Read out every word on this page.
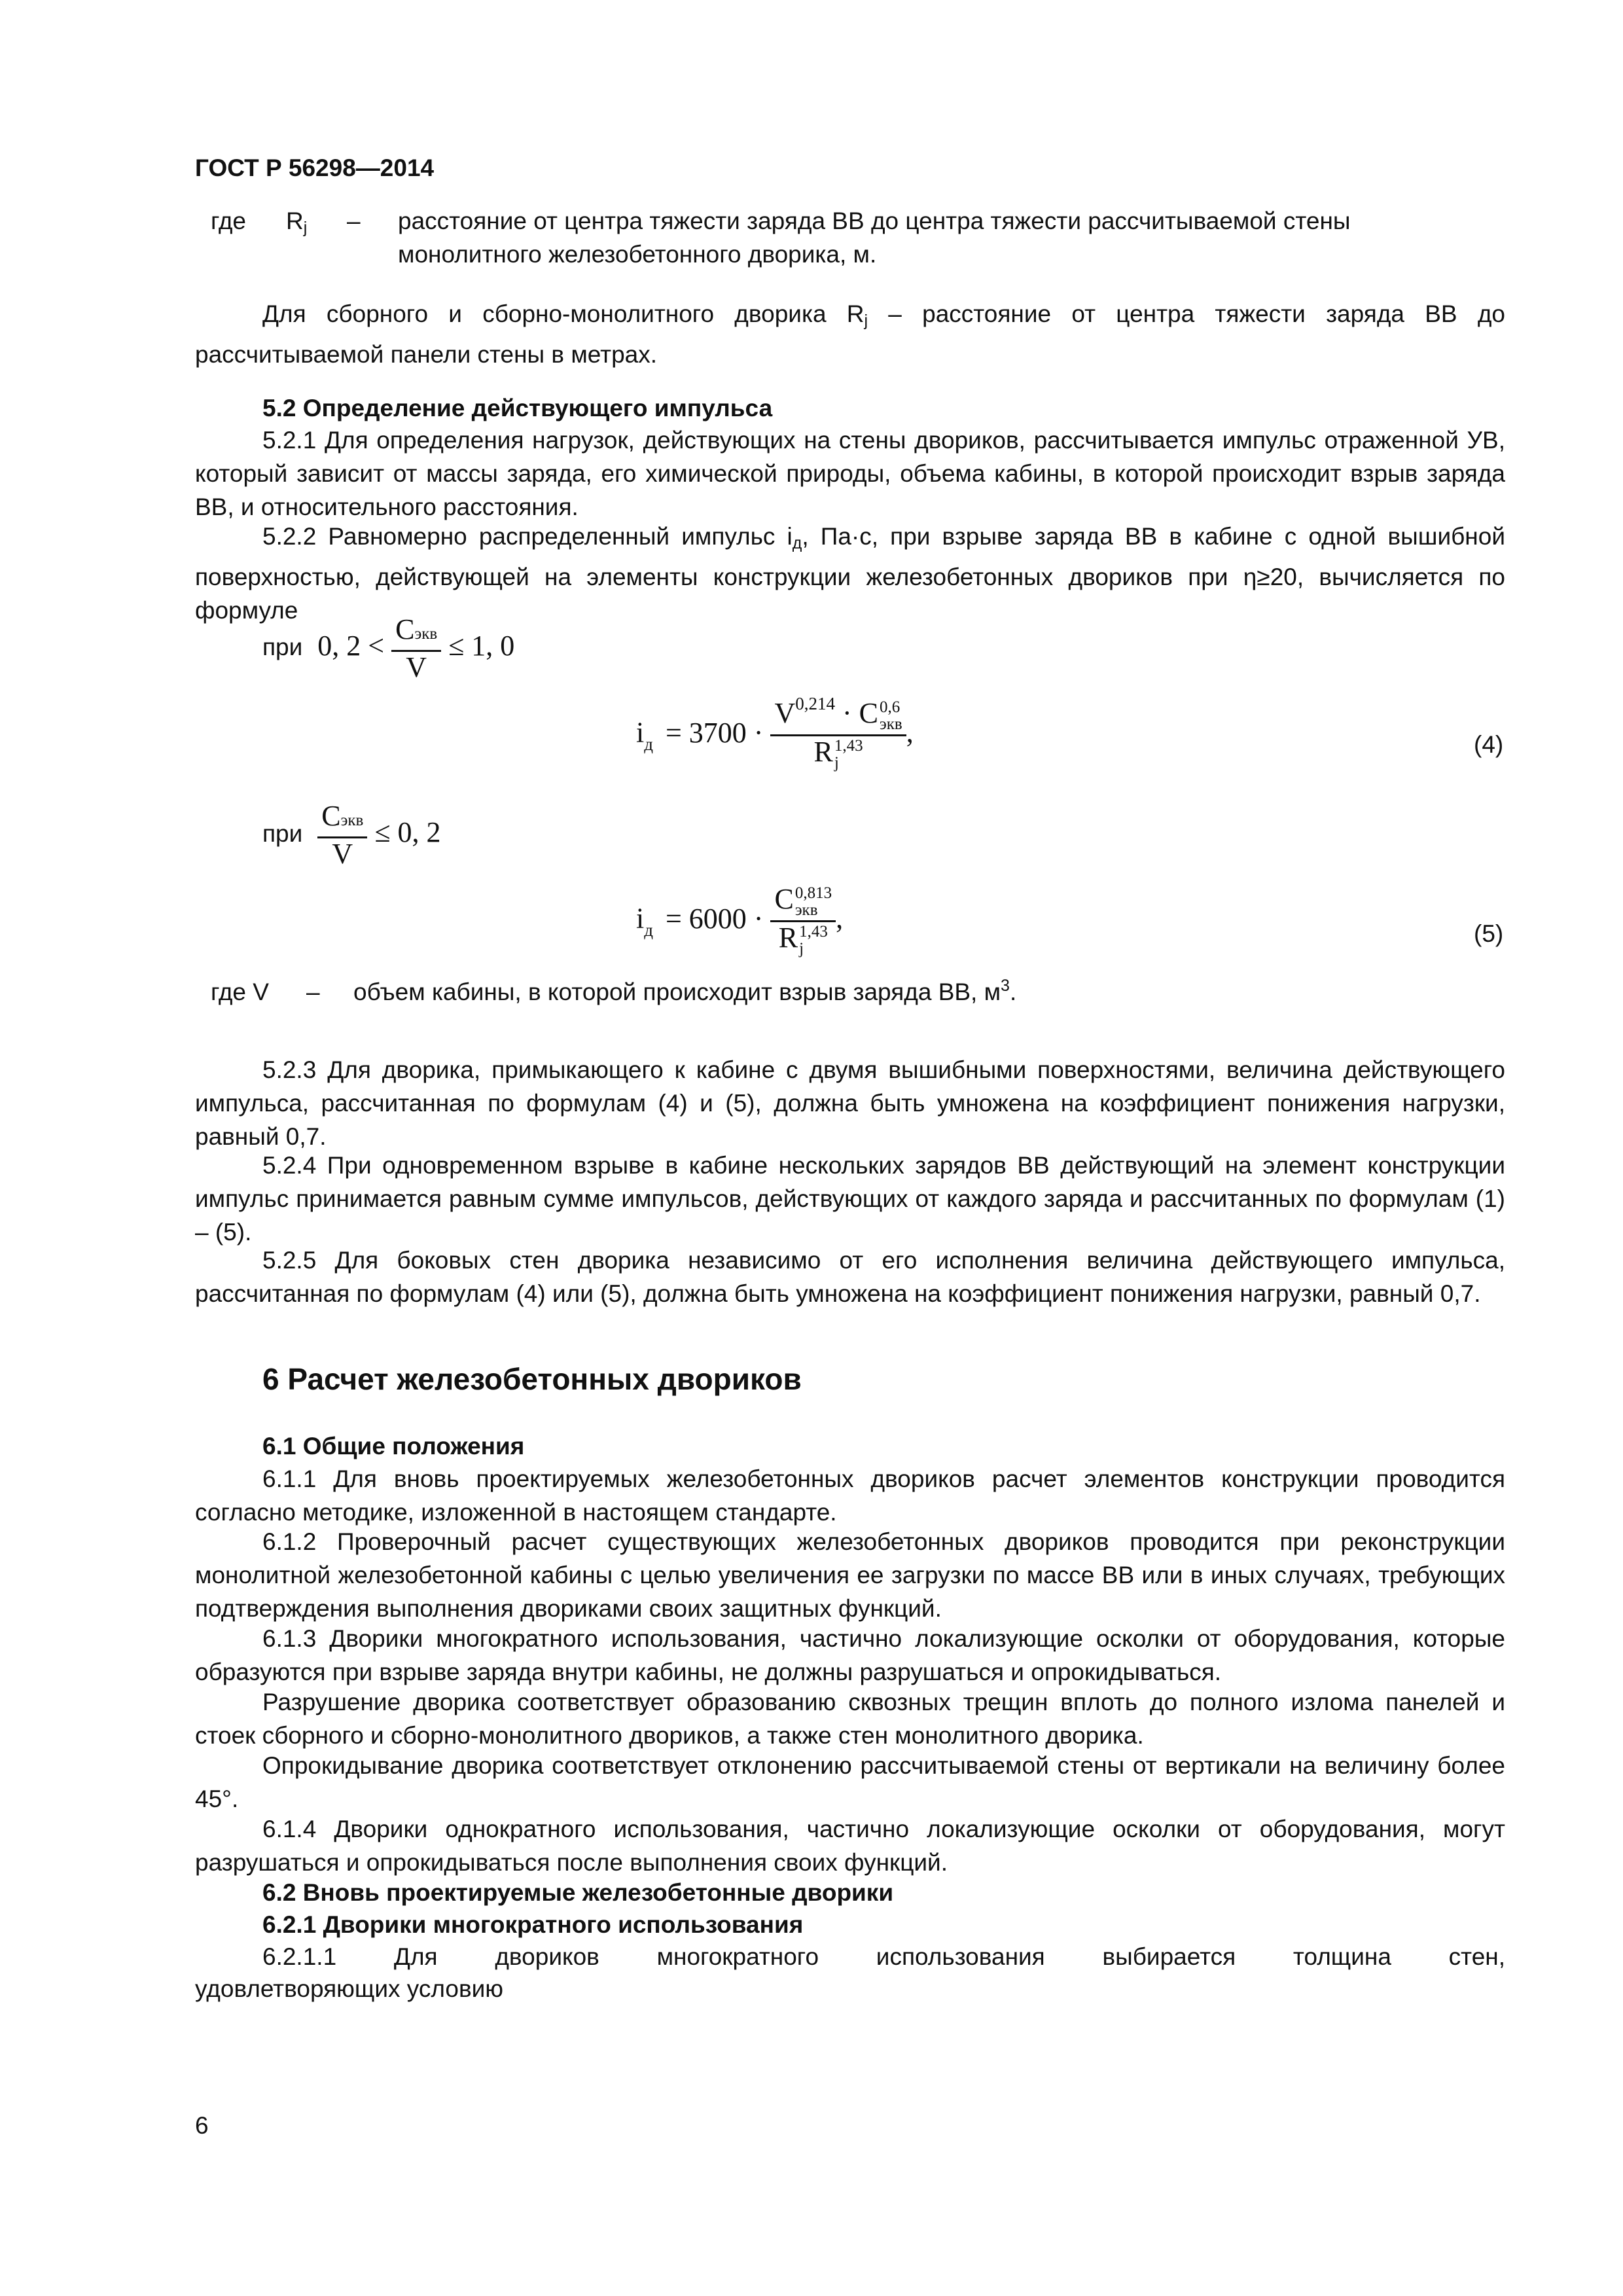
ГОСТ Р 56298—2014
где Rj – расстояние от центра тяжести заряда ВВ до центра тяжести рассчитываемой стены
монолитного железобетонного дворика, м.

Для сборного и сборно-монолитного дворика Rj – расстояние от центра тяжести заряда ВВ до рассчитываемой панели стены в метрах.

5.2 Определение действующего импульса

5.2.1 Для определения нагрузок, действующих на стены двориков, рассчитывается импульс отраженной УВ, который зависит от массы заряда, его химической природы, объема кабины, в которой происходит взрыв заряда ВВ, и относительного расстояния.

5.2.2 Равномерно распределенный импульс iд, Па·с, при взрыве заряда ВВ в кабине с одной вышибной поверхностью, действующей на элементы конструкции железобетонных двориков при η≥20, вычисляется по формуле

при 0, $2 < \frac{\text{Сэкв}}{V} \le 1$, 0
$i_д = 3700 \cdot V^{0,214} \cdot С$ 0,6
экв
R 1,43
j ,	(4)
при $\frac{\text{Сэкв}}{V} \le 0$, 2
$i_д = 6000 \cdot С$ 0,813
экв
R 1,43
j ,	(5)
где V – объем кабины, в которой происходит взрыв заряда ВВ, $м^3$.

5.2.3 Для дворика, примыкающего к кабине с двумя вышибными поверхностями, величина действующего импульса, рассчитанная по формулам (4) и (5), должна быть умножена на коэффициент понижения нагрузки, равный 0,7.

5.2.4 При одновременном взрыве в кабине нескольких зарядов ВВ действующий на элемент конструкции импульс принимается равным сумме импульсов, действующих от каждого заряда и рассчитанных по формулам (1) – (5).

5.2.5 Для боковых стен дворика независимо от его исполнения величина действующего импульса, рассчитанная по формулам (4) или (5), должна быть умножена на коэффициент понижения нагрузки, равный 0,7.

6 Расчет железобетонных двориков
6.1 Общие положения

6.1.1 Для вновь проектируемых железобетонных двориков расчет элементов конструкции проводится согласно методике, изложенной в настоящем стандарте.

6.1.2 Проверочный расчет существующих железобетонных двориков проводится при реконструкции монолитной железобетонной кабины с целью увеличения ее загрузки по массе ВВ или в иных случаях, требующих подтверждения выполнения двориками своих защитных функций.

6.1.3 Дворики многократного использования, частично локализующие осколки от оборудования, которые образуются при взрыве заряда внутри кабины, не должны разрушаться и опрокидываться.

Разрушение дворика соответствует образованию сквозных трещин вплоть до полного излома панелей и стоек сборного и сборно-монолитного двориков, а также стен монолитного дворика.

Опрокидывание дворика соответствует отклонению рассчитываемой стены от вертикали на величину более 45°.

6.1.4 Дворики однократного использования, частично локализующие осколки от оборудования, могут разрушаться и опрокидываться после выполнения своих функций.

6.2 Вновь проектируемые железобетонные дворики
6.2.1 Дворики многократного использования
6.2.1.1 Для двориков многократного использования выбирается толщина стен,
удовлетворяющих условию
6
